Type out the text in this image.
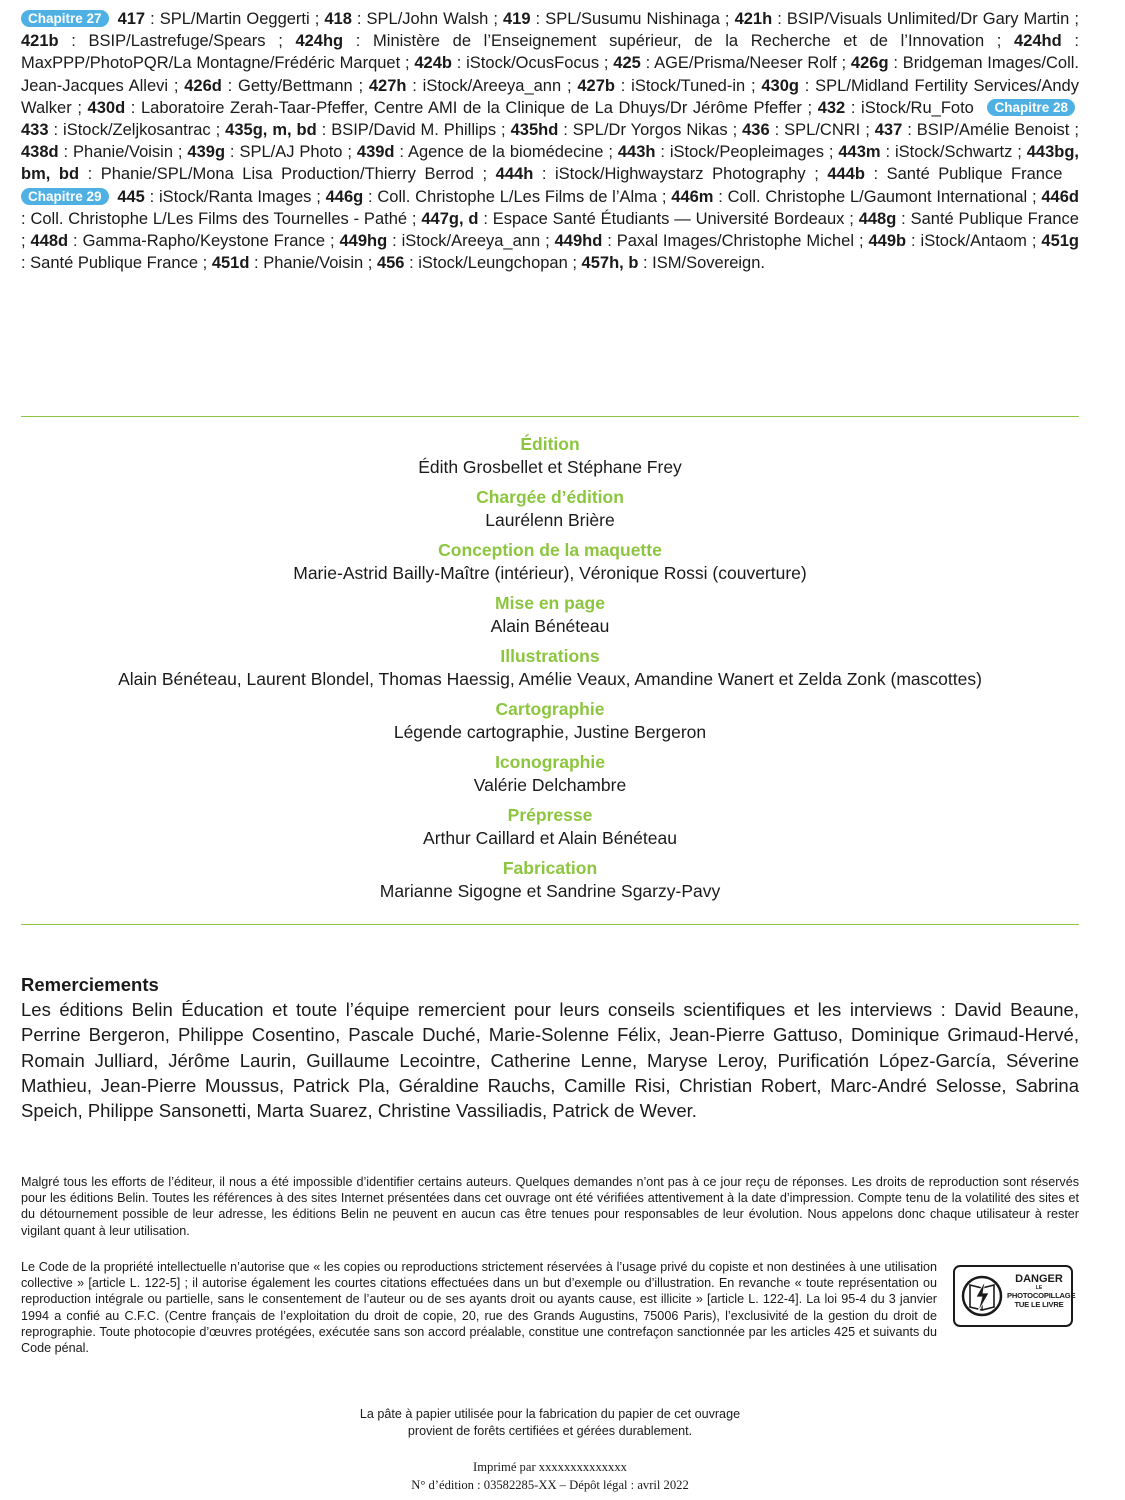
Chapitre 27 417 : SPL/Martin Oeggerti ; 418 : SPL/John Walsh ; 419 : SPL/Susumu Nishinaga ; 421h : BSIP/Visuals Unlimited/Dr Gary Martin ; 421b : BSIP/Lastrefuge/Spears ; 424hg : Ministère de l’Enseignement supérieur, de la Recherche et de l’Innovation ; 424hd : MaxPPP/PhotoPQR/La Montagne/Frédéric Marquet ; 424b : iStock/OcusFocus ; 425 : AGE/Prisma/Neeser Rolf ; 426g : Bridgeman Images/Coll. Jean-Jacques Allevi ; 426d : Getty/Bettmann ; 427h : iStock/Areeya_ann ; 427b : iStock/Tuned-in ; 430g : SPL/Midland Fertility Services/Andy Walker ; 430d : Laboratoire Zerah-Taar-Pfeffer, Centre AMI de la Clinique de La Dhuys/Dr Jérôme Pfeffer ; 432 : iStock/Ru_Foto Chapitre 28 433 : iStock/Zeljkosantrac ; 435g, m, bd : BSIP/David M. Phillips ; 435hd : SPL/Dr Yorgos Nikas ; 436 : SPL/CNRI ; 437 : BSIP/Amélie Benoist ; 438d : Phanie/Voisin ; 439g : SPL/AJ Photo ; 439d : Agence de la biomédecine ; 443h : iStock/Peopleimages ; 443m : iStock/Schwartz ; 443bg, bm, bd : Phanie/SPL/Mona Lisa Production/Thierry Berrod ; 444h : iStock/Highwaystarz Photography ; 444b : Santé Publique France Chapitre 29 445 : iStock/Ranta Images ; 446g : Coll. Christophe L/Les Films de l’Alma ; 446m : Coll. Christophe L/Gaumont International ; 446d : Coll. Christophe L/Les Films des Tournelles - Pathé ; 447g, d : Espace Santé Étudiants — Université Bordeaux ; 448g : Santé Publique France ; 448d : Gamma-Rapho/Keystone France ; 449hg : iStock/Areeya_ann ; 449hd : Paxal Images/Christophe Michel ; 449b : iStock/Antaom ; 451g : Santé Publique France ; 451d : Phanie/Voisin ; 456 : iStock/Leungchopan ; 457h, b : ISM/Sovereign.
Édition
Édith Grosbellet et Stéphane Frey
Chargée d’édition
Laurélenn Brière
Conception de la maquette
Marie-Astrid Bailly-Maître (intérieur), Véronique Rossi (couverture)
Mise en page
Alain Bénéteau
Illustrations
Alain Bénéteau, Laurent Blondel, Thomas Haessig, Amélie Veaux, Amandine Wanert et Zelda Zonk (mascottes)
Cartographie
Légende cartographie, Justine Bergeron
Iconographie
Valérie Delchambre
Prépresse
Arthur Caillard et Alain Bénéteau
Fabrication
Marianne Sigogne et Sandrine Sgarzy-Pavy
Remerciements
Les éditions Belin Éducation et toute l’équipe remercient pour leurs conseils scientifiques et les interviews : David Beaune, Perrine Bergeron, Philippe Cosentino, Pascale Duché, Marie-Solenne Félix, Jean-Pierre Gattuso, Dominique Grimaud-Hervé, Romain Julliard, Jérôme Laurin, Guillaume Lecointre, Catherine Lenne, Maryse Leroy, Purificatión López-García, Séverine Mathieu, Jean-Pierre Moussus, Patrick Pla, Géraldine Rauchs, Camille Risi, Christian Robert, Marc-André Selosse, Sabrina Speich, Philippe Sansonetti, Marta Suarez, Christine Vassiliadis, Patrick de Wever.
Malgré tous les efforts de l’éditeur, il nous a été impossible d’identifier certains auteurs. Quelques demandes n’ont pas à ce jour reçu de réponses. Les droits de reproduction sont réservés pour les éditions Belin. Toutes les références à des sites Internet présentées dans cet ouvrage ont été vérifiées attentivement à la date d’impression. Compte tenu de la volatilité des sites et du détournement possible de leur adresse, les éditions Belin ne peuvent en aucun cas être tenues pour responsables de leur évolution. Nous appelons donc chaque utilisateur à rester vigilant quant à leur utilisation.
Le Code de la propriété intellectuelle n’autorise que « les copies ou reproductions strictement réservées à l’usage privé du copiste et non destinées à une utilisation collective » [article L. 122-5] ; il autorise également les courtes citations effectuées dans un but d’exemple ou d’illustration. En revanche « toute représentation ou reproduction intégrale ou partielle, sans le consentement de l’auteur ou de ses ayants droit ou ayants cause, est illicite » [article L. 122-4]. La loi 95-4 du 3 janvier 1994 a confié au C.F.C. (Centre français de l’exploitation du droit de copie, 20, rue des Grands Augustins, 75006 Paris), l’exclusivité de la gestion du droit de reprographie. Toute photocopie d’œuvres protégées, exécutée sans son accord préalable, constitue une contrefaçon sanctionnée par les articles 425 et suivants du Code pénal.
DANGER
LE
PHOTOCOPILLAGE
TUE LE LIVRE
La pâte à papier utilisée pour la fabrication du papier de cet ouvrage
provient de forêts certifiées et gérées durablement.
Imprimé par xxxxxxxxxxxxxx
N° d’édition : 03582285-XX – Dépôt légal : avril 2022
